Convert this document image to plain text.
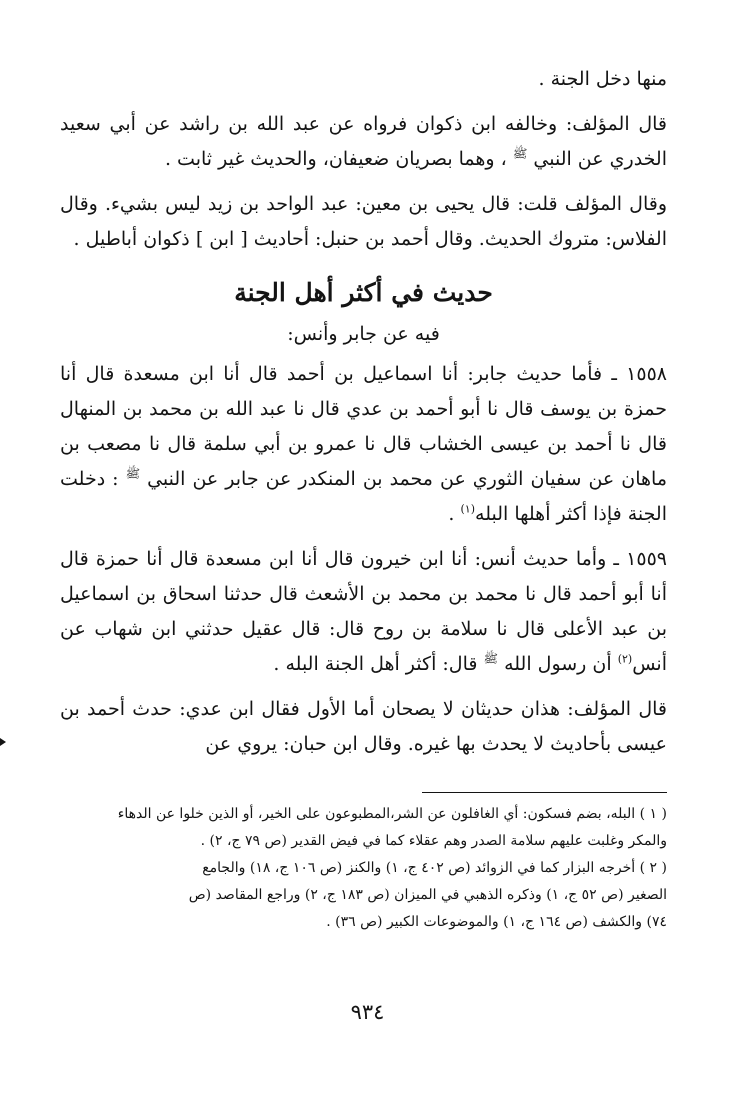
منها دخل الجنة .

قال المؤلف: وخالفه ابن ذكوان فرواه عن عبد الله بن راشد عن أبي سعيد الخدري عن النبي $^ﷺ$ ، وهما بصريان ضعيفان، والحديث غير ثابت .

وقال المؤلف قلت: قال يحيى بن معين: عبد الواحد بن زيد ليس بشيء. وقال الفلاس: متروك الحديث. وقال أحمد بن حنبل: أحاديث [ ابن ] ذكوان أباطيل .

حديث في أكثر أهل الجنة
فيه عن جابر وأنس:

١٥٥٨ ـ فأما حديث جابر: أنا اسماعيل بن أحمد قال أنا ابن مسعدة قال أنا حمزة بن يوسف قال نا أبو أحمد بن عدي قال نا عبد الله بن محمد بن المنهال قال نا أحمد بن عيسى الخشاب قال نا عمرو بن أبي سلمة قال نا مصعب بن ماهان عن سفيان الثوري عن محمد بن المنكدر عن جابر عن النبي $^ﷺ$ : دخلت الجنة فإذا أكثر أهلها البله$^{(١)}$ .

١٥٥٩ ـ وأما حديث أنس: أنا ابن خيرون قال أنا ابن مسعدة قال أنا حمزة قال أنا أبو أحمد قال نا محمد بن محمد بن الأشعث قال حدثنا اسحاق بن اسماعيل بن عبد الأعلى قال نا سلامة بن روح قال: قال عقيل حدثني ابن شهاب عن أنس$^{(٢)}$ أن رسول الله $^ﷺ$ قال: أكثر أهل الجنة البله .

قال المؤلف: هذان حديثان لا يصحان أما الأول فقال ابن عدي: حدث أحمد بن عيسى بأحاديث لا يحدث بها غيره. وقال ابن حبان: يروي عن

( ١ ) البله، بضم فسكون: أي الغافلون عن الشر،المطبوعون على الخير، أو الذين خلوا عن الدهاء

والمكر وغلبت عليهم سلامة الصدر وهم عقلاء كما في فيض القدير (ص ٧٩ ج، ٢) .

( ٢ ) أخرجه البزار كما في الزوائد (ص ٤٠٢ ج، ١) والكنز (ص ١٠٦ ج، ١٨) والجامع

الصغير (ص ٥٢ ج، ١) وذكره الذهبي في الميزان (ص ١٨٣ ج، ٢) وراجع المقاصد (ص

٧٤) والكشف (ص ١٦٤ ج، ١) والموضوعات الكبير (ص ٣٦) .

٩٣٤
